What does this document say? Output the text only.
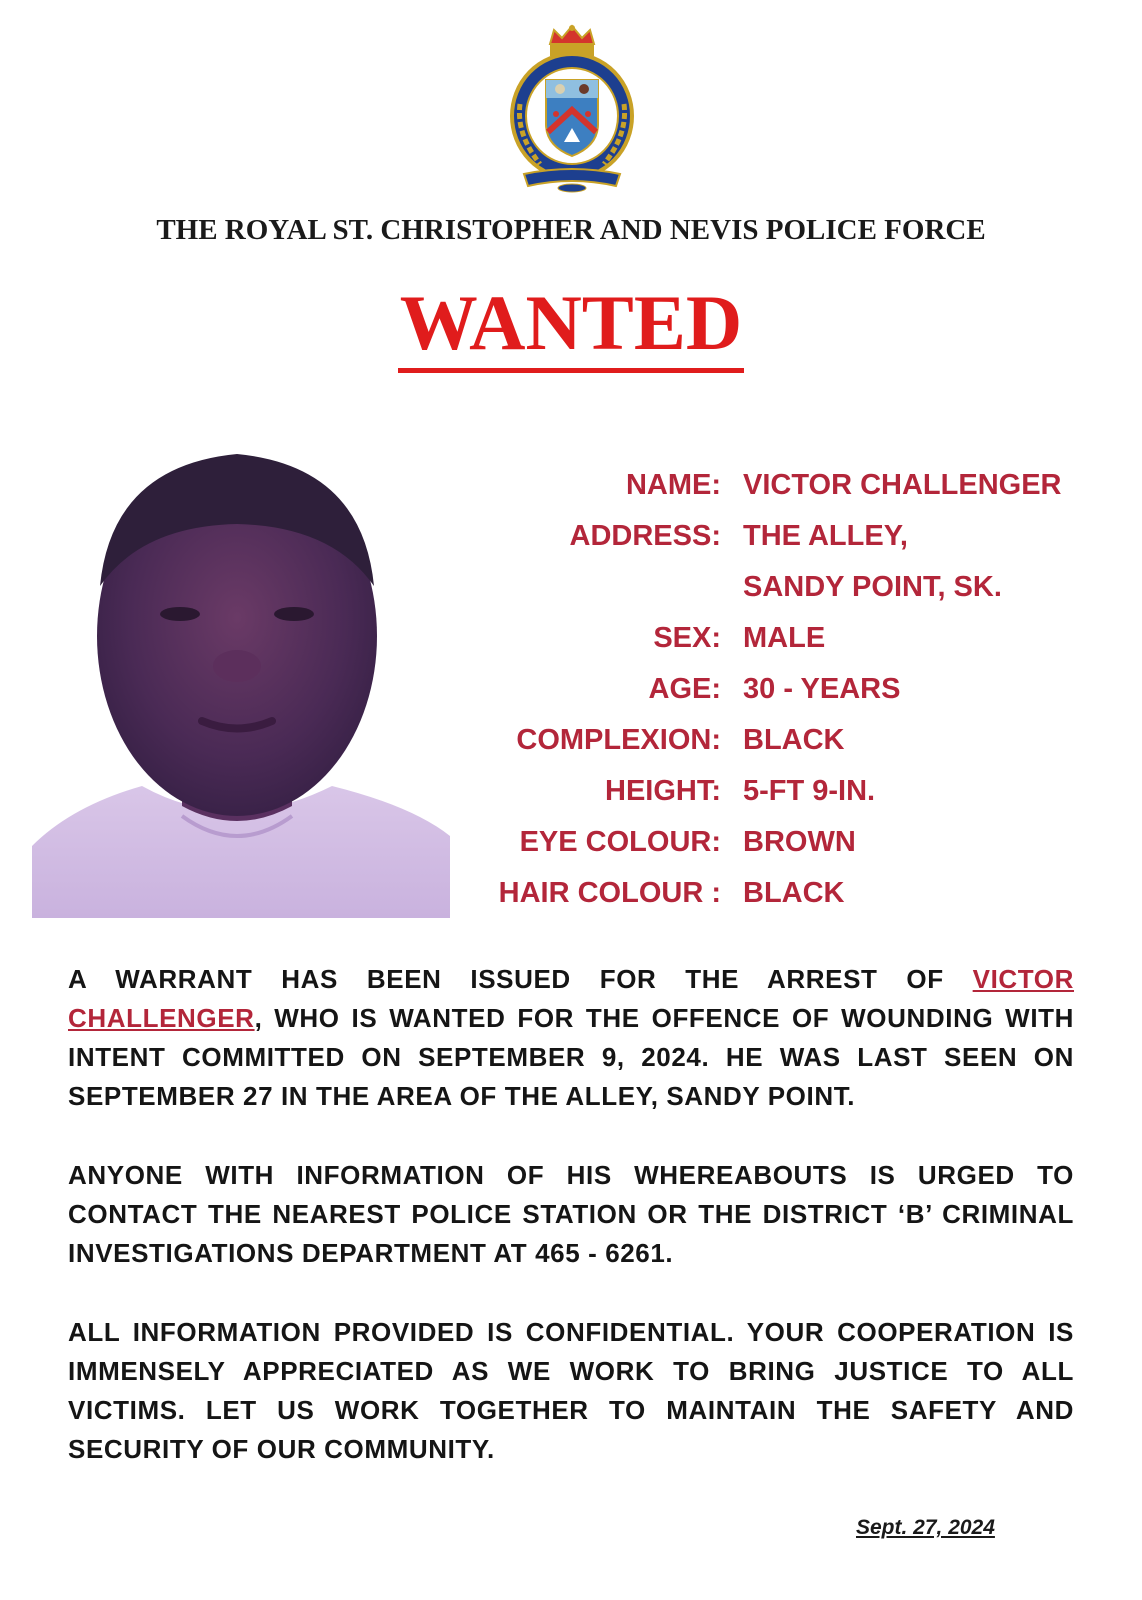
THE ROYAL ST. CHRISTOPHER AND NEVIS POLICE FORCE
WANTED
NAME: VICTOR CHALLENGER
ADDRESS: THE ALLEY,
SANDY POINT, SK.
SEX: MALE
AGE: 30 - YEARS
COMPLEXION: BLACK
HEIGHT: 5-FT 9-IN.
EYE COLOUR: BROWN
HAIR COLOUR : BLACK
A WARRANT HAS BEEN ISSUED FOR THE ARREST OF VICTOR CHALLENGER, WHO IS WANTED FOR THE OFFENCE OF WOUNDING WITH INTENT COMMITTED ON SEPTEMBER 9, 2024. HE WAS LAST SEEN ON SEPTEMBER 27 IN THE AREA OF THE ALLEY, SANDY POINT.
ANYONE WITH INFORMATION OF HIS WHEREABOUTS IS URGED TO CONTACT THE NEAREST POLICE STATION OR THE DISTRICT ‘B’ CRIMINAL INVESTIGATIONS DEPARTMENT AT 465 - 6261.
ALL INFORMATION PROVIDED IS CONFIDENTIAL. YOUR COOPERATION IS IMMENSELY APPRECIATED AS WE WORK TO BRING JUSTICE TO ALL VICTIMS. LET US WORK TOGETHER TO MAINTAIN THE SAFETY AND SECURITY OF OUR COMMUNITY.
Sept. 27, 2024
